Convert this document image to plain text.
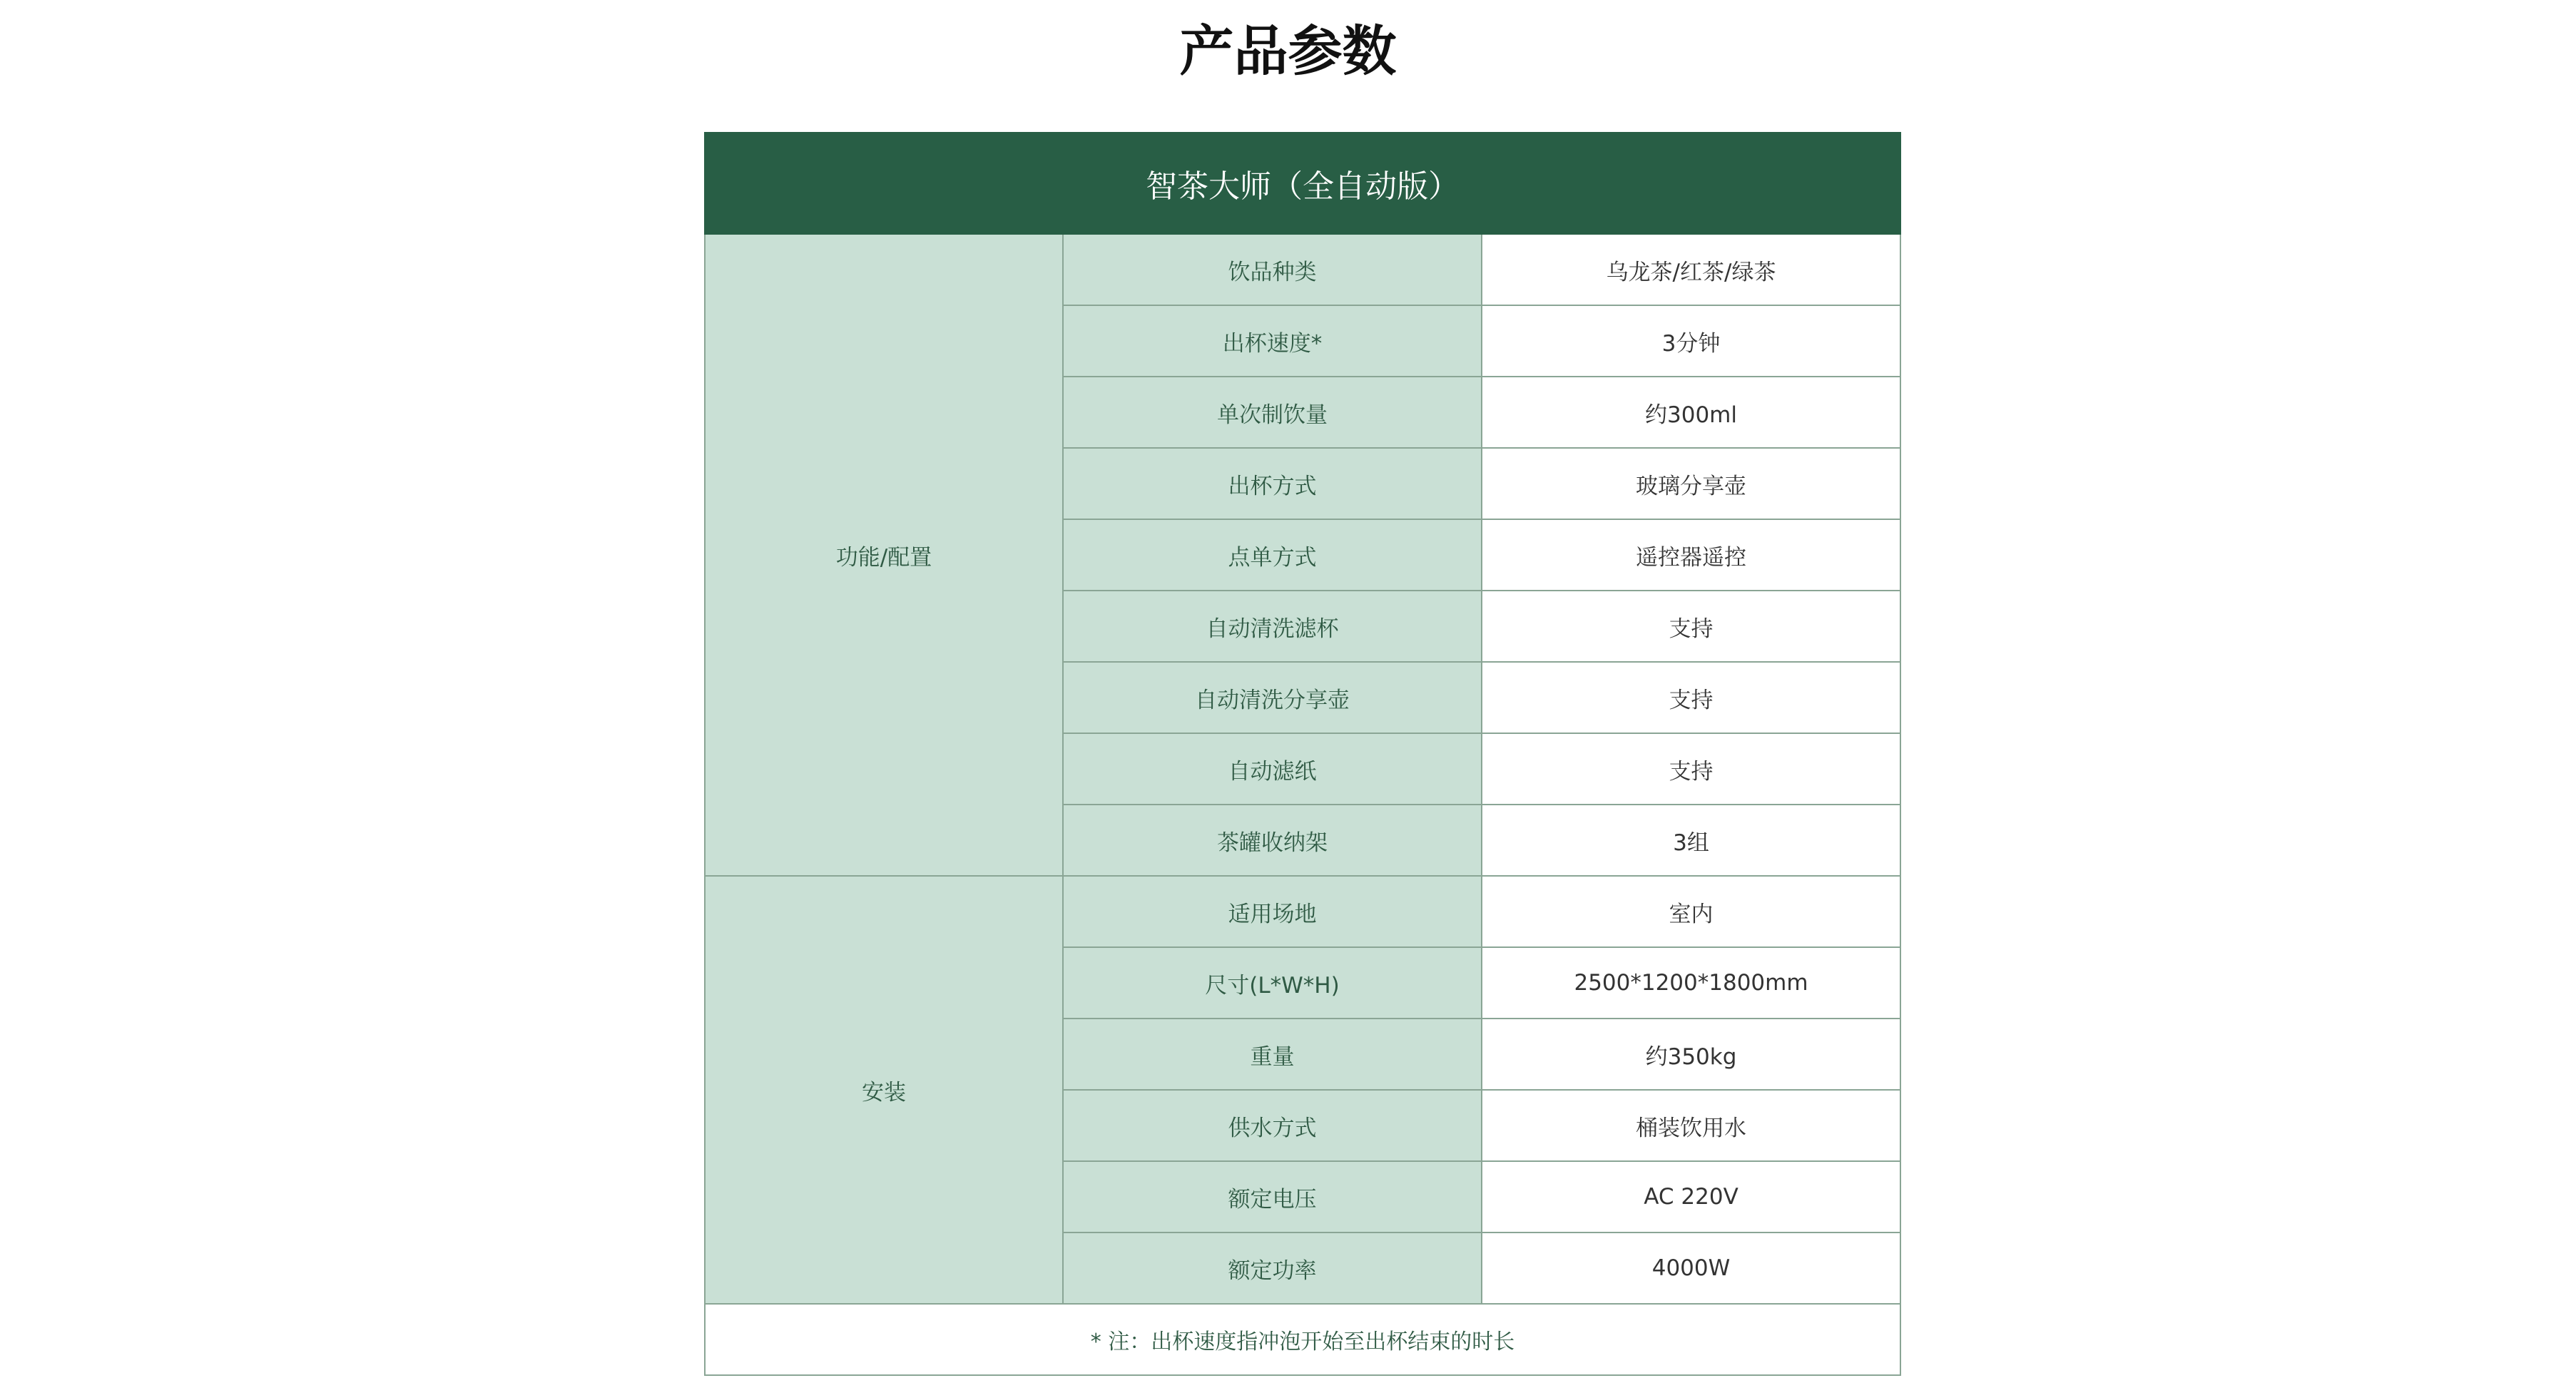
产品参数
智茶大师（全自动版）		
功能/配置	饮品种类	乌龙茶/红茶/绿茶
	出杯速度*	3分钟
	单次制饮量	约300ml
	出杯方式	玻璃分享壶
	点单方式	遥控器遥控
	自动清洗滤杯	支持
	自动清洗分享壶	支持
	自动滤纸	支持
	茶罐收纳架	3组
安装	适用场地	室内
	尺寸(L*W*H)	2500*1200*1800mm
	重量	约350kg
	供水方式	桶装饮用水
	额定电压	AC 220V
	额定功率	4000W
* 注：出杯速度指冲泡开始至出杯结束的时长		
